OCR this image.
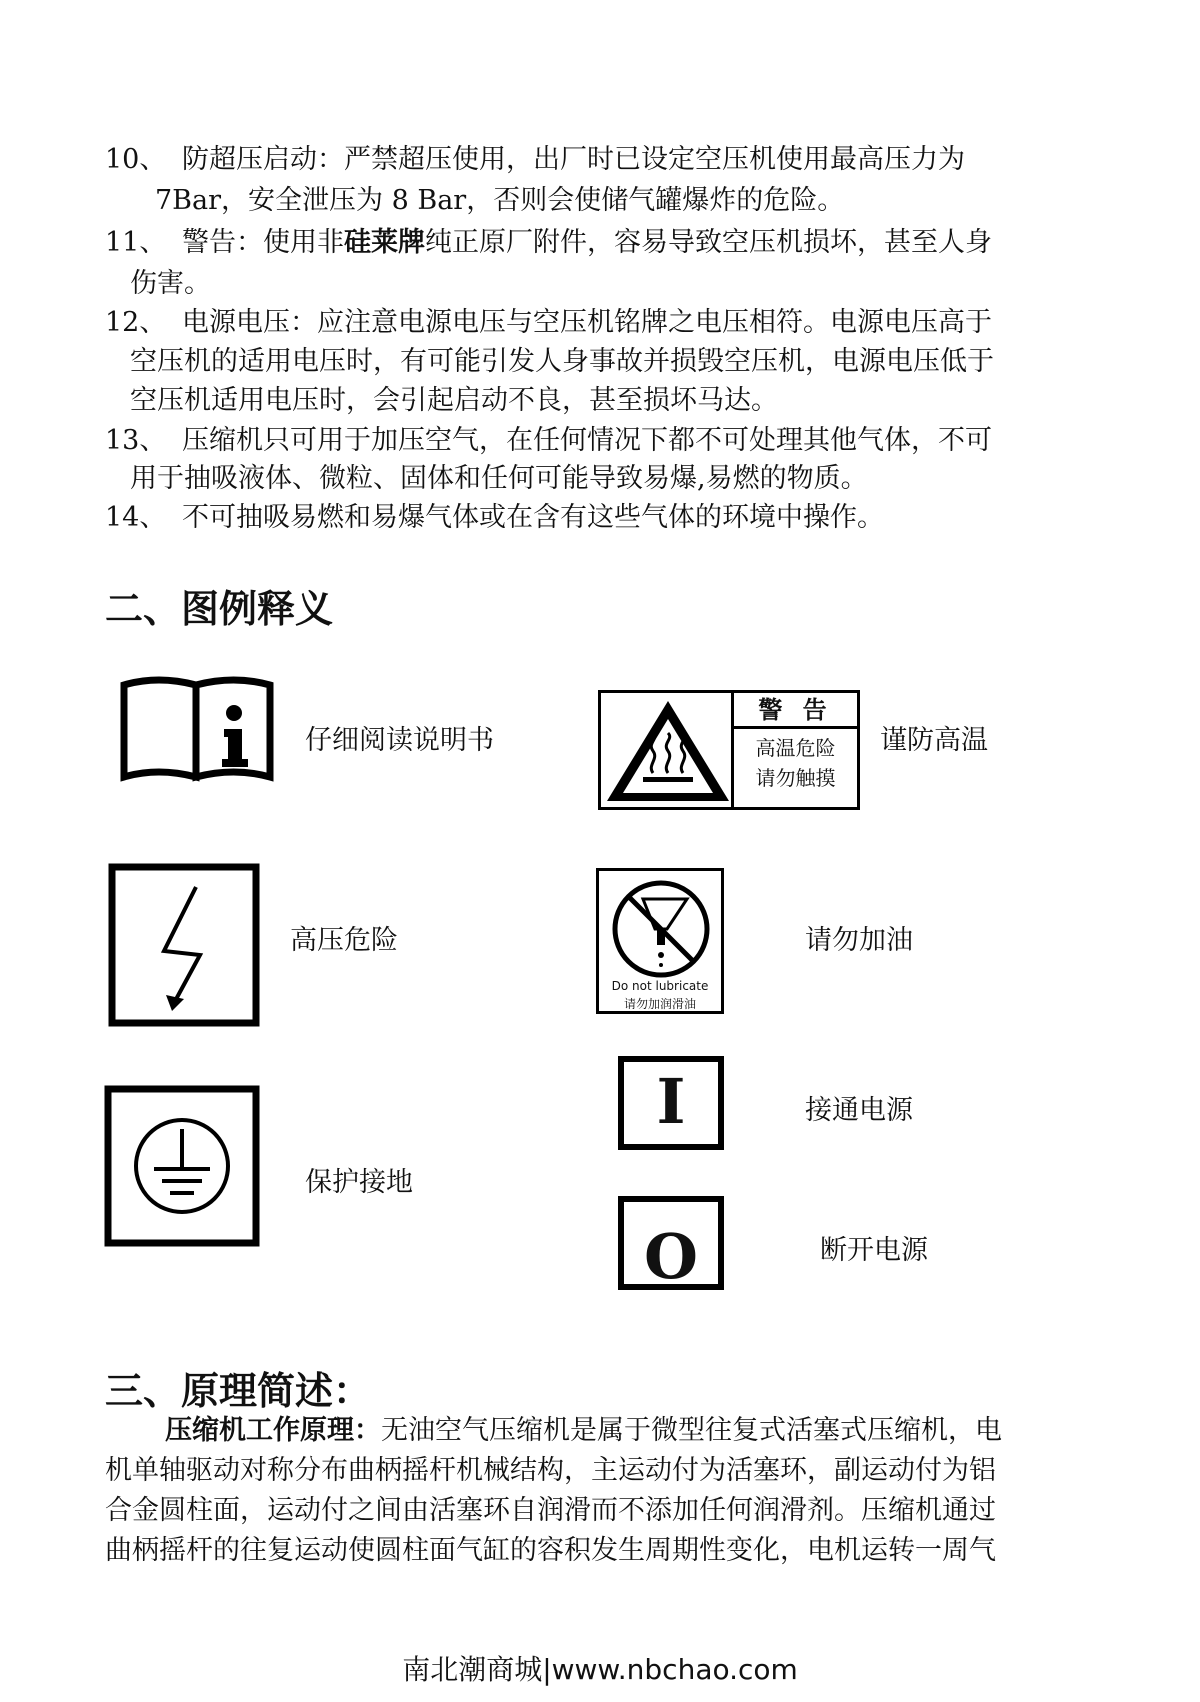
10、 防超压启动：严禁超压使用，出厂时已设定空压机使用最高压力为
7Bar，安全泄压为 8 Bar，否则会使储气罐爆炸的危险。
11、 警告：使用非硅莱牌纯正原厂附件，容易导致空压机损坏，甚至人身
伤害。
12、 电源电压：应注意电源电压与空压机铭牌之电压相符。电源电压高于
空压机的适用电压时，有可能引发人身事故并损毁空压机，电源电压低于
空压机适用电压时，会引起启动不良，甚至损坏马达。
13、 压缩机只可用于加压空气，在任何情况下都不可处理其他气体，不可
用于抽吸液体、微粒、固体和任何可能导致易爆,易燃的物质。
14、 不可抽吸易燃和易爆气体或在含有这些气体的环境中操作。
二、图例释义
仔细阅读说明书
警 告
高温危险
请勿触摸
谨防高温
高压危险
Do not lubricate
请勿加润滑油
请勿加油
I	接通电源
保护接地
O	断开电源
三、原理简述：
压缩机工作原理：无油空气压缩机是属于微型往复式活塞式压缩机，电
机单轴驱动对称分布曲柄摇杆机械结构，主运动付为活塞环，副运动付为铝
合金圆柱面，运动付之间由活塞环自润滑而不添加任何润滑剂。压缩机通过
曲柄摇杆的往复运动使圆柱面气缸的容积发生周期性变化，电机运转一周气
南北潮商城|www.nbchao.com
